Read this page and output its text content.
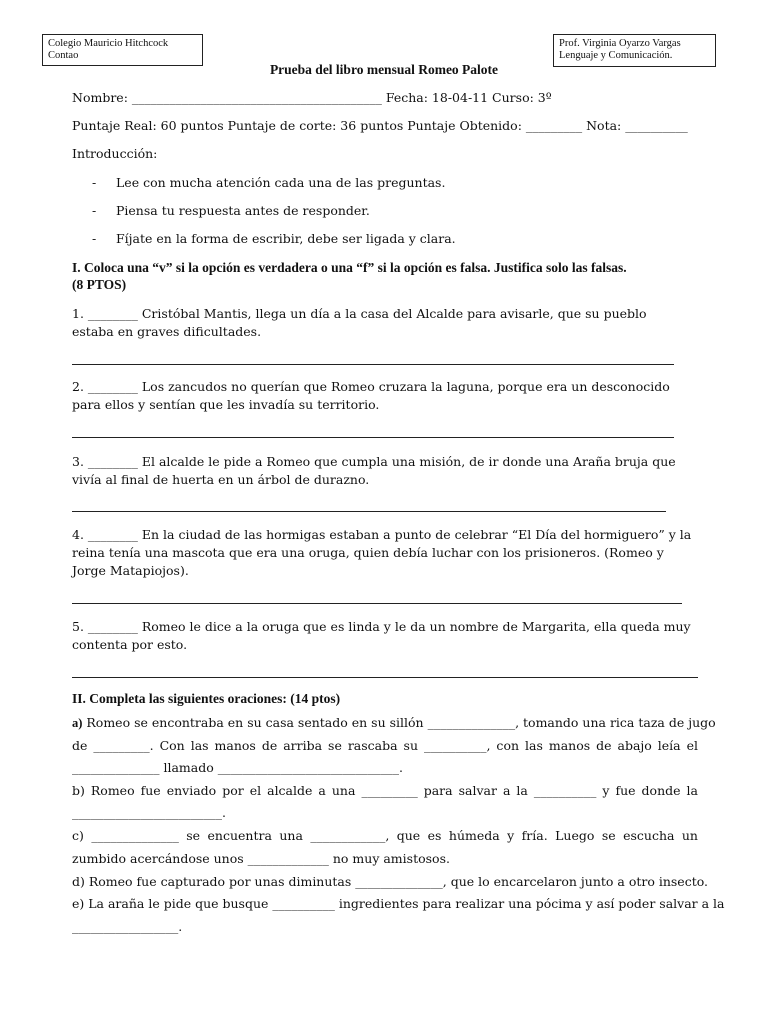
Colegio Mauricio Hitchcock
Contao
Prof. Virginia Oyarzo Vargas
Lenguaje y Comunicación.
Prueba del libro mensual Romeo Palote
Nombre: ________________________________________ Fecha: 18-04-11 Curso: 3º
Puntaje Real: 60 puntos Puntaje de corte: 36 puntos Puntaje Obtenido: _________ Nota: __________
Introducción:
- Lee con mucha atención cada una de las preguntas.
- Piensa tu respuesta antes de responder.
- Fíjate en la forma de escribir, debe ser ligada y clara.
I. Coloca una “v” si la opción es verdadera o una “f” si la opción es falsa. Justifica solo las falsas.
(8 PTOS)
1. ________ Cristóbal Mantis, llega un día a la casa del Alcalde para avisarle, que su pueblo estaba en graves dificultades.
2. ________ Los zancudos no querían que Romeo cruzara la laguna, porque era un desconocido para ellos y sentían que les invadía su territorio.
3. ________ El alcalde le pide a Romeo que cumpla una misión, de ir donde una Araña bruja que vivía al final de huerta en un árbol de durazno.
4. ________ En la ciudad de las hormigas estaban a punto de celebrar “El Día del hormiguero” y la reina tenía una mascota que era una oruga, quien debía luchar con los prisioneros. (Romeo y Jorge Matapiojos).
5. ________ Romeo le dice a la oruga que es linda y le da un nombre de Margarita, ella queda muy contenta por esto.
II. Completa las siguientes oraciones: (14 ptos)
a) Romeo se encontraba en su casa sentado en su sillón ______________, tomando una rica taza de jugo
de _________. Con las manos de arriba se rascaba su __________, con las manos de abajo leía el
______________ llamado _____________________________.
b) Romeo fue enviado por el alcalde a una _________ para salvar a la __________ y fue donde la
________________________.
c) ______________ se encuentra una ____________, que es húmeda y fría. Luego se escucha un
zumbido acercándose unos _____________ no muy amistosos.
d) Romeo fue capturado por unas diminutas ______________, que lo encarcelaron junto a otro insecto.
e) La araña le pide que busque __________ ingredientes para realizar una pócima y así poder salvar a la
_________________.
